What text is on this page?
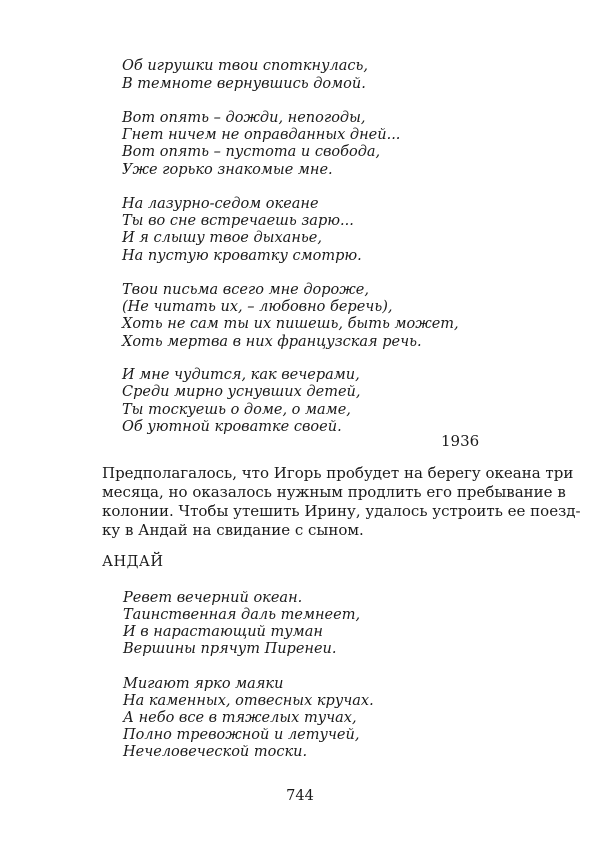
Об игрушки твои споткнулась,
В темноте вернувшись домой.
Вот опять – дожди, непогоды,
Гнет ничем не оправданных дней...
Вот опять – пустота и свобода,
Уже горько знакомые мне.
На лазурно-седом океане
Ты во сне встречаешь зарю...
И я слышу твое дыханье,
На пустую кроватку смотрю.
Твои письма всего мне дороже,
(Не читать их, – любовно беречь),
Хоть не сам ты их пишешь, быть может,
Хоть мертва в них французская речь.
И мне чудится, как вечерами,
Среди мирно уснувших детей,
Ты тоскуешь о доме, о маме,
Об уютной кроватке своей.
1936
Предполагалось, что Игорь пробудет на берегу океана три
месяца, но оказалось нужным продлить его пребывание в
колонии. Чтобы утешить Ирину, удалось устроить ее поезд-
ку в Андай на свидание с сыном.
АНДАЙ
Ревет вечерний океан.
Таинственная даль темнеет,
И в нарастающий туман
Вершины прячут Пиренеи.
Мигают ярко маяки
На каменных, отвесных кручах.
А небо все в тяжелых тучах,
Полно тревожной и летучей,
Нечеловеческой тоски.
744
